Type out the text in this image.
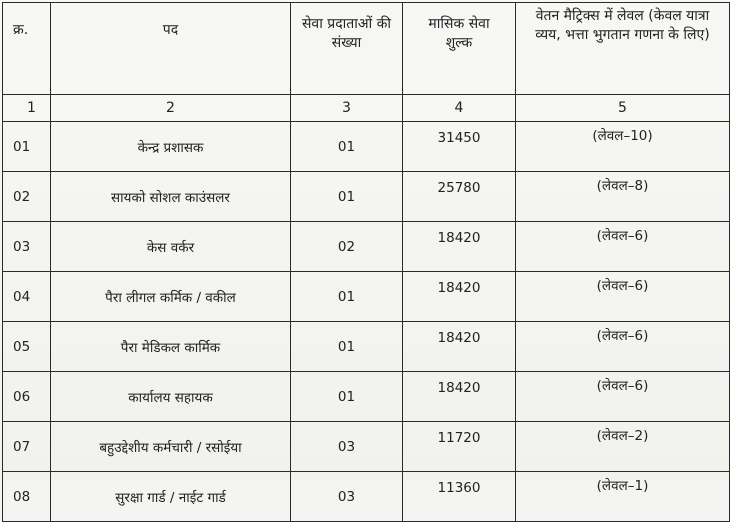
क्र.	पद	सेवा प्रदाताओं की संख्या	मासिक सेवा शुल्क	वेतन मैट्रिक्स में लेवल (केवल यात्रा व्यय, भत्ता भुगतान गणना के लिए)
1	2	3	4	5
01	केन्द्र प्रशासक	01	31450	(लेवल–10)
02	सायको सोशल काउंसलर	01	25780	(लेवल–8)
03	केस वर्कर	02	18420	(लेवल–6)
04	पैरा लीगल कर्मिक / वकील	01	18420	(लेवल–6)
05	पैरा मेडिकल कार्मिक	01	18420	(लेवल–6)
06	कार्यालय सहायक	01	18420	(लेवल–6)
07	बहुउद्देशीय कर्मचारी / रसोईया	03	11720	(लेवल–2)
08	सुरक्षा गार्ड / नाईट गार्ड	03	11360	(लेवल–1)
